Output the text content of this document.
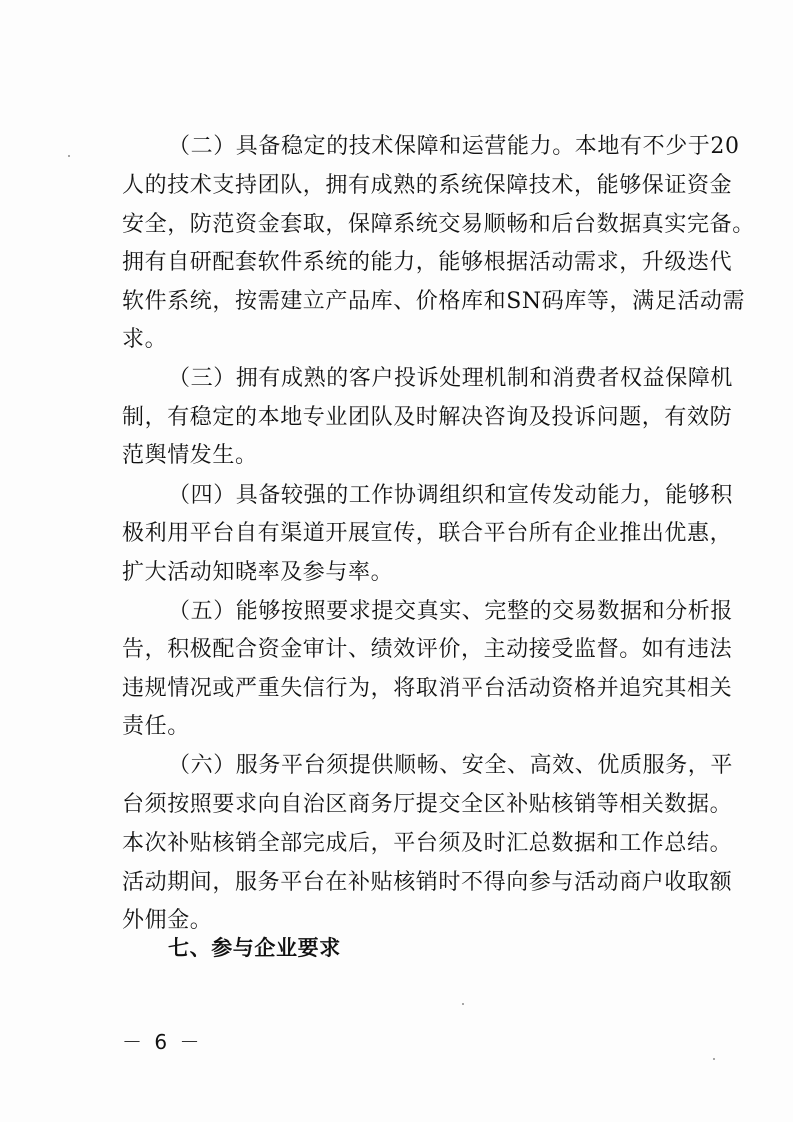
（二）具备稳定的技术保障和运营能力。本地有不少于20
人的技术支持团队，拥有成熟的系统保障技术，能够保证资金
安全，防范资金套取，保障系统交易顺畅和后台数据真实完备。
拥有自研配套软件系统的能力，能够根据活动需求，升级迭代
软件系统，按需建立产品库、价格库和SN码库等，满足活动需
求。
（三）拥有成熟的客户投诉处理机制和消费者权益保障机
制，有稳定的本地专业团队及时解决咨询及投诉问题，有效防
范舆情发生。
（四）具备较强的工作协调组织和宣传发动能力，能够积
极利用平台自有渠道开展宣传，联合平台所有企业推出优惠，
扩大活动知晓率及参与率。
（五）能够按照要求提交真实、完整的交易数据和分析报
告，积极配合资金审计、绩效评价，主动接受监督。如有违法
违规情况或严重失信行为，将取消平台活动资格并追究其相关
责任。
（六）服务平台须提供顺畅、安全、高效、优质服务，平
台须按照要求向自治区商务厅提交全区补贴核销等相关数据。
本次补贴核销全部完成后，平台须及时汇总数据和工作总结。
活动期间，服务平台在补贴核销时不得向参与活动商户收取额
外佣金。
七、参与企业要求
－ 6 －
